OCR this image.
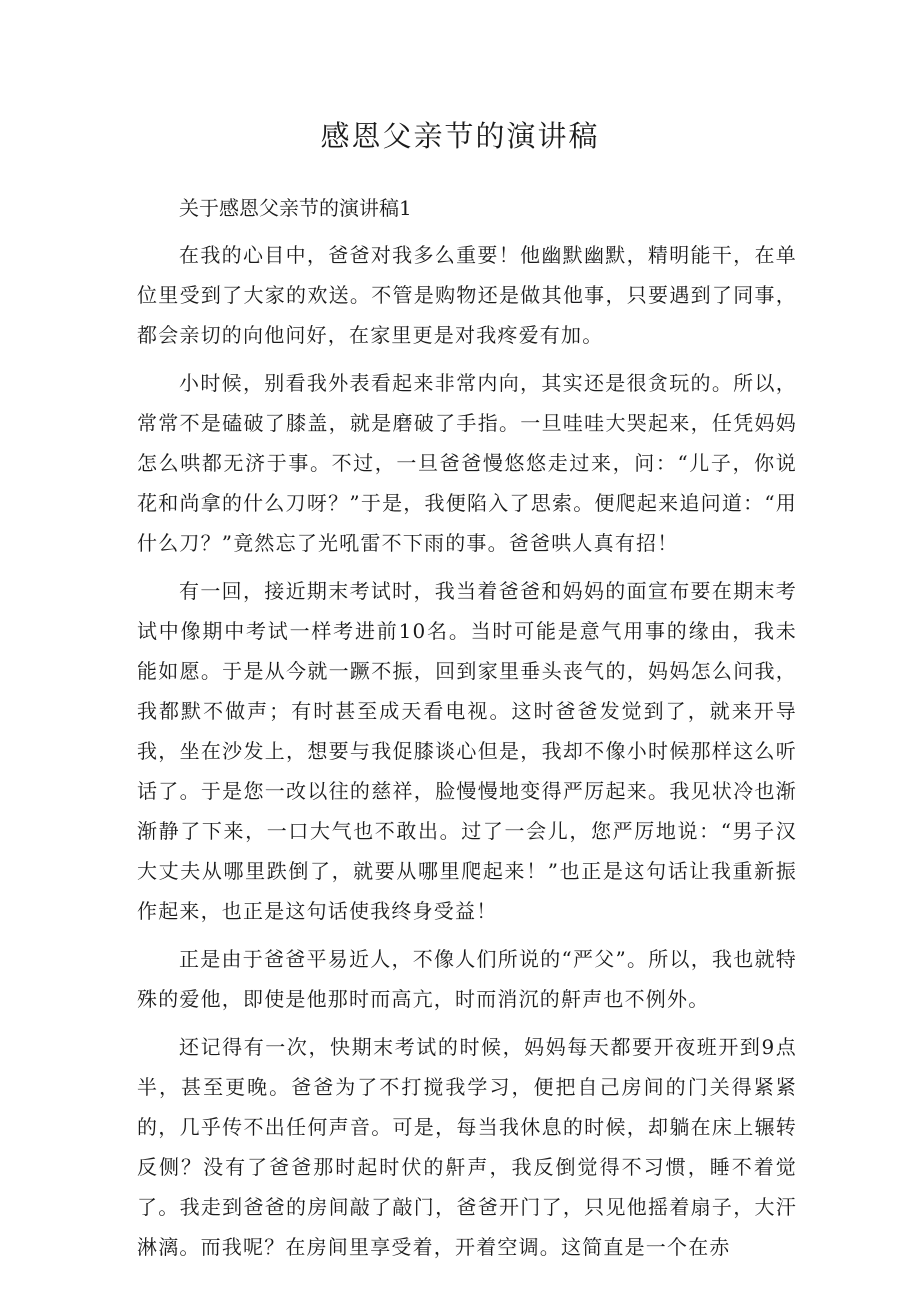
感恩父亲节的演讲稿

关于感恩父亲节的演讲稿1

在我的心目中，爸爸对我多么重要！他幽默幽默，精明能干，在单位里受到了大家的欢送。不管是购物还是做其他事，只要遇到了同事，都会亲切的向他问好，在家里更是对我疼爱有加。

小时候，别看我外表看起来非常内向，其实还是很贪玩的。所以，常常不是磕破了膝盖，就是磨破了手指。一旦哇哇大哭起来，任凭妈妈怎么哄都无济于事。不过，一旦爸爸慢悠悠走过来，问：“儿子，你说花和尚拿的什么刀呀？”于是，我便陷入了思索。便爬起来追问道：“用什么刀？”竟然忘了光吼雷不下雨的事。爸爸哄人真有招！

有一回，接近期末考试时，我当着爸爸和妈妈的面宣布要在期末考试中像期中考试一样考进前10名。当时可能是意气用事的缘由，我未能如愿。于是从今就一蹶不振，回到家里垂头丧气的，妈妈怎么问我，我都默不做声；有时甚至成天看电视。这时爸爸发觉到了，就来开导我，坐在沙发上，想要与我促膝谈心但是，我却不像小时候那样这么听话了。于是您一改以往的慈祥，脸慢慢地变得严厉起来。我见状冷也渐渐静了下来，一口大气也不敢出。过了一会儿，您严厉地说：“男子汉大丈夫从哪里跌倒了，就要从哪里爬起来！”也正是这句话让我重新振作起来，也正是这句话使我终身受益！

正是由于爸爸平易近人，不像人们所说的“严父”。所以，我也就特殊的爱他，即使是他那时而高亢，时而消沉的鼾声也不例外。

还记得有一次，快期末考试的时候，妈妈每天都要开夜班开到9点半，甚至更晚。爸爸为了不打搅我学习，便把自己房间的门关得紧紧的，几乎传不出任何声音。可是，每当我休息的时候，却躺在床上辗转反侧？没有了爸爸那时起时伏的鼾声，我反倒觉得不习惯，睡不着觉了。我走到爸爸的房间敲了敲门，爸爸开门了，只见他摇着扇子，大汗淋漓。而我呢？在房间里享受着，开着空调。这简直是一个在赤
